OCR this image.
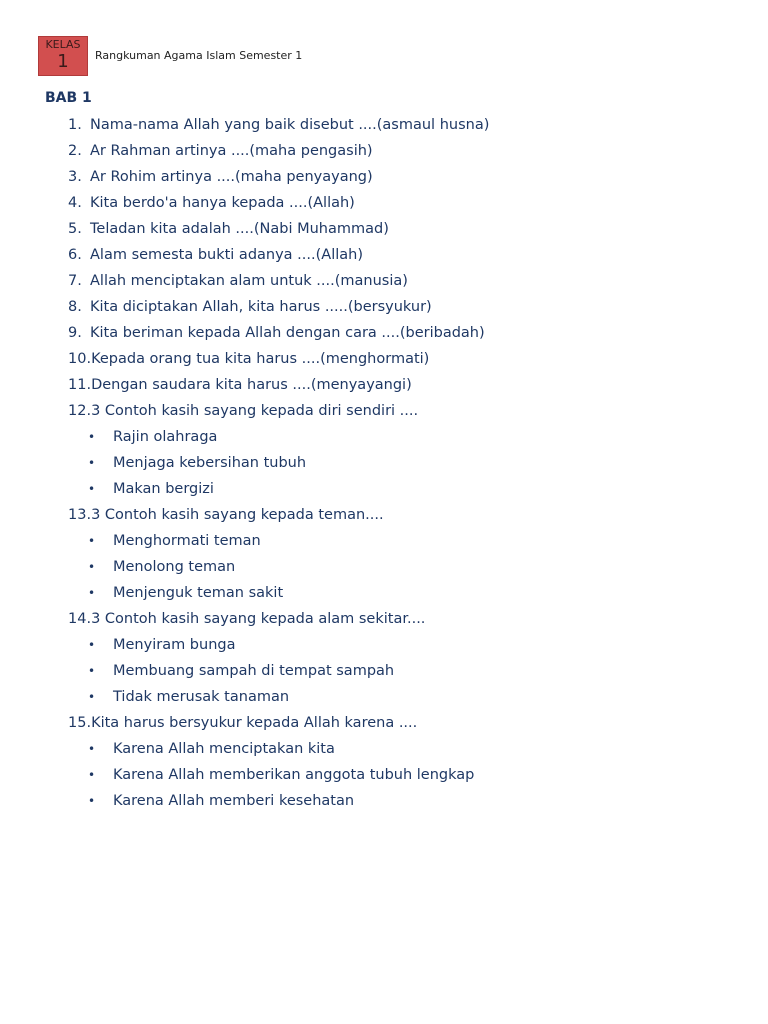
KELAS
1	Rangkuman Agama Islam Semester 1
BAB 1
1. Nama-nama Allah yang baik disebut ....(asmaul husna)
2. Ar Rahman artinya ....(maha pengasih)
3. Ar Rohim artinya ....(maha penyayang)
4. Kita berdo'a hanya kepada ....(Allah)
5. Teladan kita adalah ....(Nabi Muhammad)
6. Alam semesta bukti adanya ....(Allah)
7. Allah menciptakan alam untuk ....(manusia)
8. Kita diciptakan Allah, kita harus .....(bersyukur)
9. Kita beriman kepada Allah dengan cara ....(beribadah)
10.Kepada orang tua kita harus ....(menghormati)
11.Dengan saudara kita harus ....(menyayangi)
12.3 Contoh kasih sayang kepada diri sendiri ....
• Rajin olahraga
• Menjaga kebersihan tubuh
• Makan bergizi
13.3 Contoh kasih sayang kepada teman....
• Menghormati teman
• Menolong teman
• Menjenguk teman sakit
14.3 Contoh kasih sayang kepada alam sekitar....
• Menyiram bunga
• Membuang sampah di tempat sampah
• Tidak merusak tanaman
15.Kita harus bersyukur kepada Allah karena ....
• Karena Allah menciptakan kita
• Karena Allah memberikan anggota tubuh lengkap
• Karena Allah memberi kesehatan
